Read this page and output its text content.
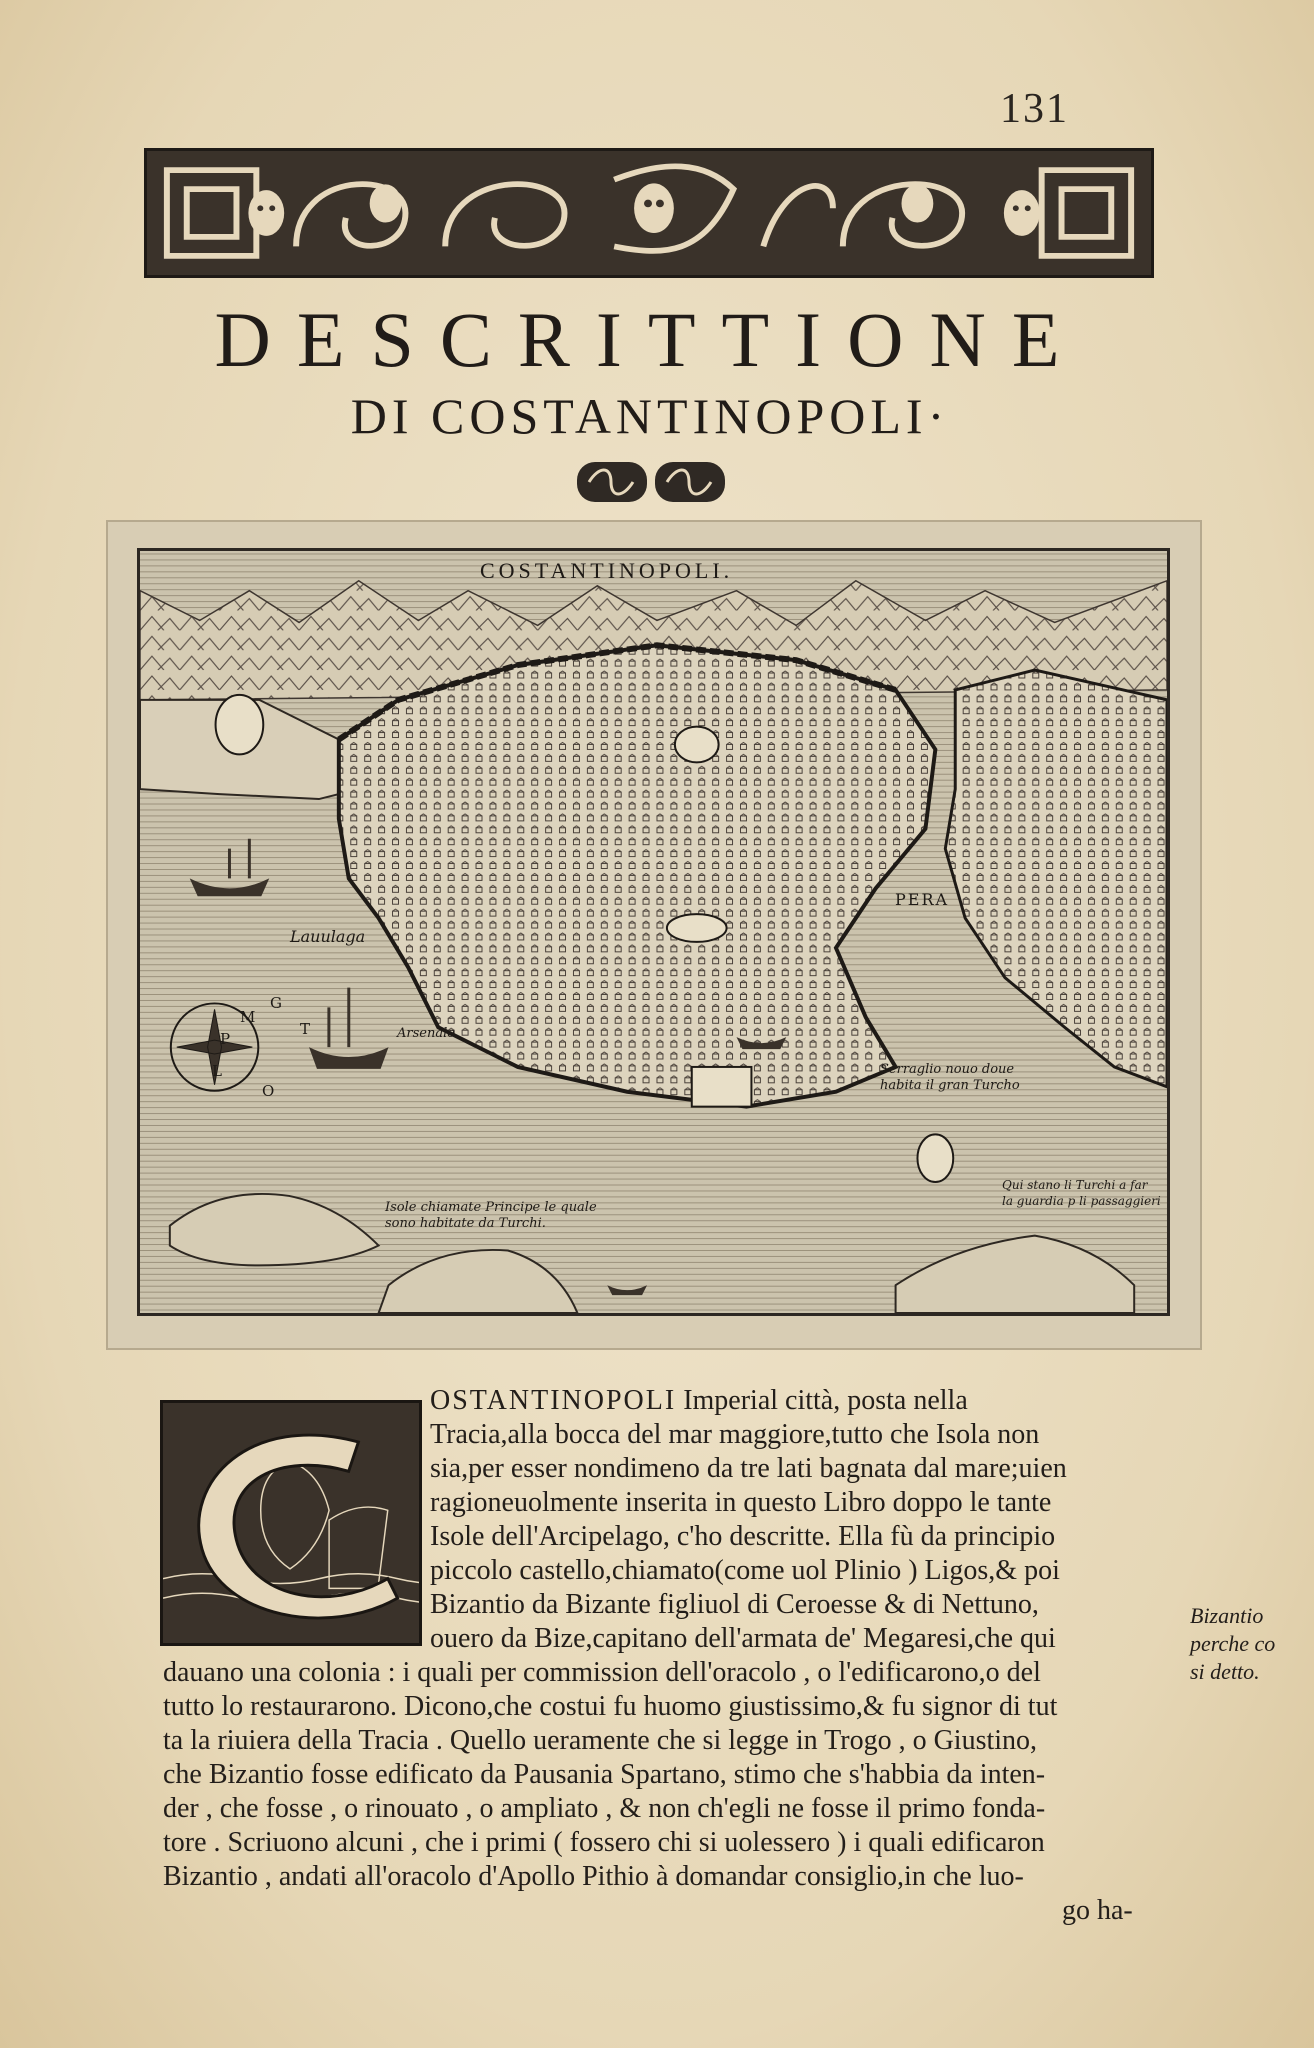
131
DESCRITTIONE
DI COSTANTINOPOLI·
COSTANTINOPOLI.
PERA
Lauulaga
Arsenale
Serraglio nouo doue
habita il gran Turcho
Isole chiamate Principe le quale
sono habitate da Turchi.
Qui stano li Turchi a far
la guardia p li passaggieri
G
T
M
P
O
L
OSTANTINOPOLI Imperial città, posta nella
Tracia,alla bocca del mar maggiore,tutto che Isola non
sia,per esser nondimeno da tre lati bagnata dal mare;uien
ragioneuolmente inserita in questo Libro doppo le tante
Isole dell'Arcipelago, c'ho descritte. Ella fù da principio
piccolo castello,chiamato(come uol Plinio ) Ligos,& poi
Bizantio da Bizante figliuol di Ceroesse & di Nettuno,
ouero da Bize,capitano dell'armata de' Megaresi,che qui
dauano una colonia : i quali per commission dell'oracolo , o l'edificarono,o del
tutto lo restaurarono. Dicono,che costui fu huomo giustissimo,& fu signor di tut
ta la riuiera della Tracia . Quello ueramente che si legge in Trogo , o Giustino,
che Bizantio fosse edificato da Pausania Spartano, stimo che s'habbia da inten-
der , che fosse , o rinouato , o ampliato , & non ch'egli ne fosse il primo fonda-
tore . Scriuono alcuni , che i primi ( fossero chi si uolessero ) i quali edificaron
Bizantio , andati all'oracolo d'Apollo Pithio à domandar consiglio,in che luo-
go ha-
Bizantio
perche co
si detto.
